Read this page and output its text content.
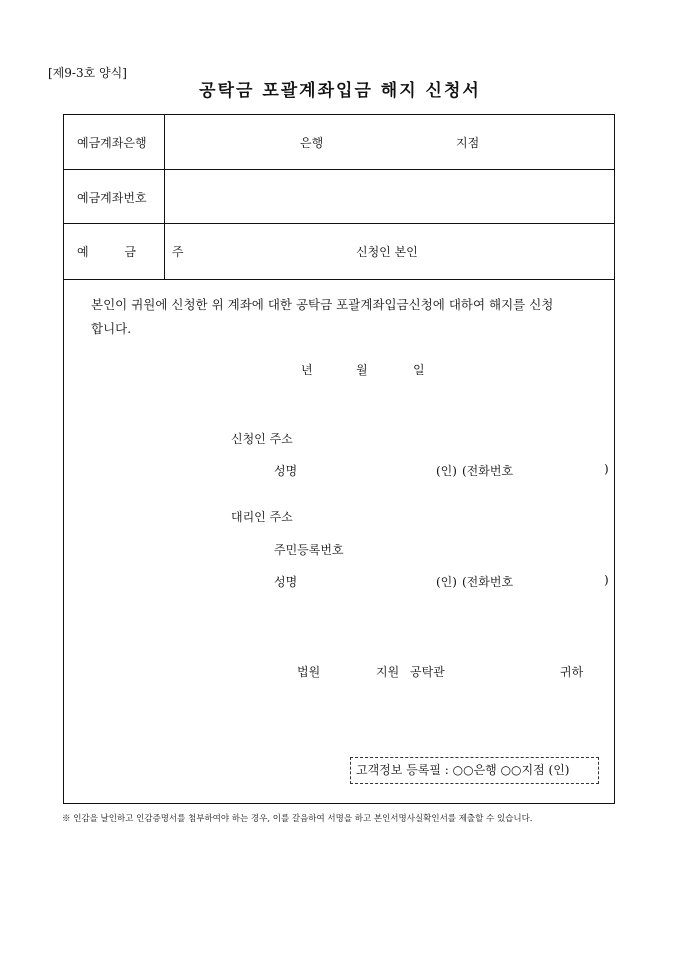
[제9-3호 양식]
공탁금 포괄계좌입금 해지 신청서
예금계좌은행	은행	지점
예금계좌번호
예 금 주	신청인 본인
본인이 귀원에 신청한 위 계좌에 대한 공탁금 포괄계좌입금신청에 대하여 해지를 신청
합니다.
년	월	일
신청인 주소
성명	(인) (전화번호	)
대리인 주소
주민등록번호
성명	(인) (전화번호	)
법원	지원 공탁관	귀하
고객정보 등록필 : ○○은행 ○○지점 (인)
※ 인감을 날인하고 인감증명서를 첨부하여야 하는 경우, 이를 갈음하여 서명을 하고 본인서명사실확인서를 제출할 수 있습니다.
